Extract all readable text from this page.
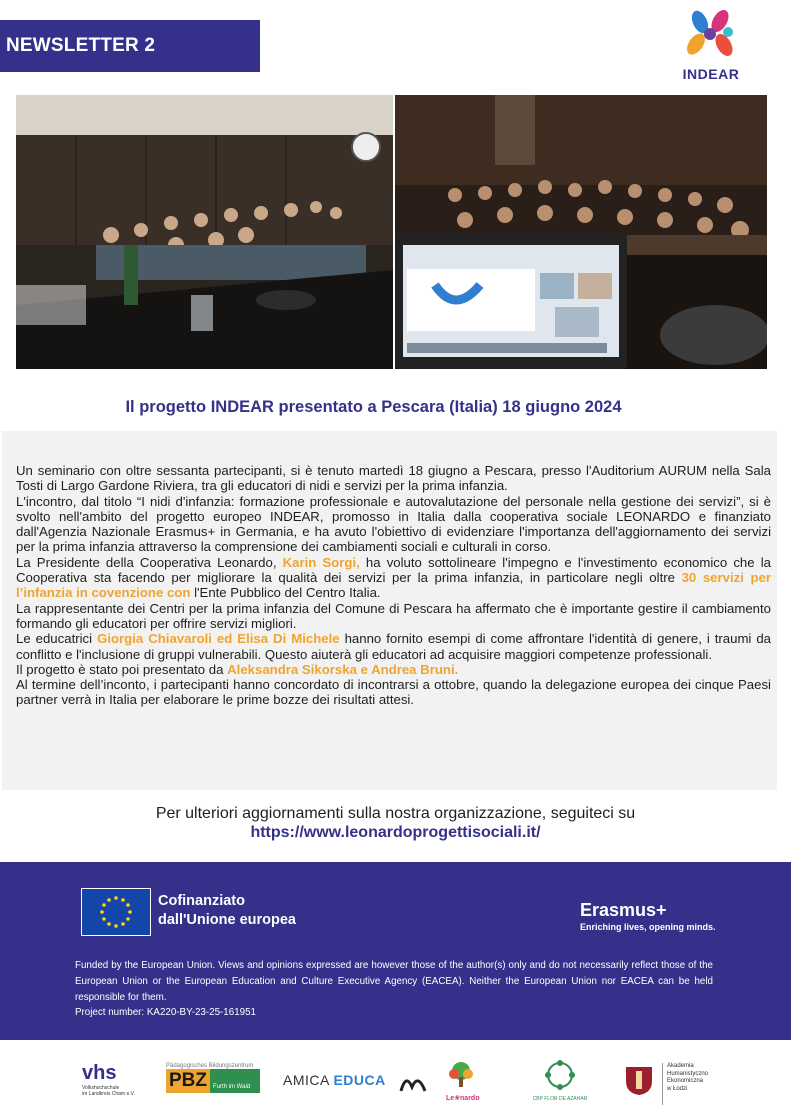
NEWSLETTER 2
INDEAR
Il progetto INDEAR presentato a Pescara (Italia) 18 giugno 2024

Un seminario con oltre sessanta partecipanti, si è tenuto martedì 18 giugno a Pescara, presso l'Auditorium AURUM nella Sala Tosti di Largo Gardone Riviera, tra gli educatori di nidi e servizi per la prima infanzia.

L'incontro, dal titolo “I nidi d'infanzia: formazione professionale e autovalutazione del personale nella gestione dei servizi”, si è svolto nell'ambito del progetto europeo INDEAR, promosso in Italia dalla cooperativa sociale LEONARDO e finanziato dall'Agenzia Nazionale Erasmus+ in Germania, e ha avuto l'obiettivo di evidenziare l'importanza dell'aggiornamento dei servizi per la prima infanzia attraverso la comprensione dei cambiamenti sociali e culturali in corso.

La Presidente della Cooperativa Leonardo, Karin Sorgi, ha voluto sottolineare l'impegno e l'investimento economico che la Cooperativa sta facendo per migliorare la qualità dei servizi per la prima infanzia, in particolare negli oltre 30 servizi per l’infanzia in covenzione con l'Ente Pubblico del Centro Italia.

La rappresentante dei Centri per la prima infanzia del Comune di Pescara ha affermato che è importante gestire il cambiamento formando gli educatori per offrire servizi migliori.

Le educatrici Giorgia Chiavaroli ed Elisa Di Michele hanno fornito esempi di come affrontare l'identità di genere, i traumi da conflitto e l'inclusione di gruppi vulnerabili. Questo aiuterà gli educatori ad acquisire maggiori competenze professionali.

Il progetto è stato poi presentato da Aleksandra Sikorska e Andrea Bruni.

Al termine dell’inconto, i partecipanti hanno concordato di incontrarsi a ottobre, quando la delegazione europea dei cinque Paesi partner verrà in Italia per elaborare le prime bozze dei risultati attesi.

Per ulteriori aggiornamenti sulla nostra organizzazione, seguiteci su
https://www.leonardoprogettisociali.it/
Cofinanziato
dall'Unione europea	Erasmus+
Enriching lives, opening minds.
Funded by the European Union. Views and opinions expressed are however those of the author(s) only and do not necessarily reflect those of the European Union or the European Education and Culture Executive Agency (EACEA). Neither the European Union nor EACEA can be held responsible for them.
Project number: KA220-BY-23-25-161951
vhs
Volkshochschule
im Landkreis Cham e.V.
Pädagogisches Bildungszentrum
PBZ	Furth im Wald	AMICA EDUCA
Le❀nardo	CBP FLOR DE AZAHAR
Akademia
Humanistyczno
Ekonomiczna
w Łodzi
